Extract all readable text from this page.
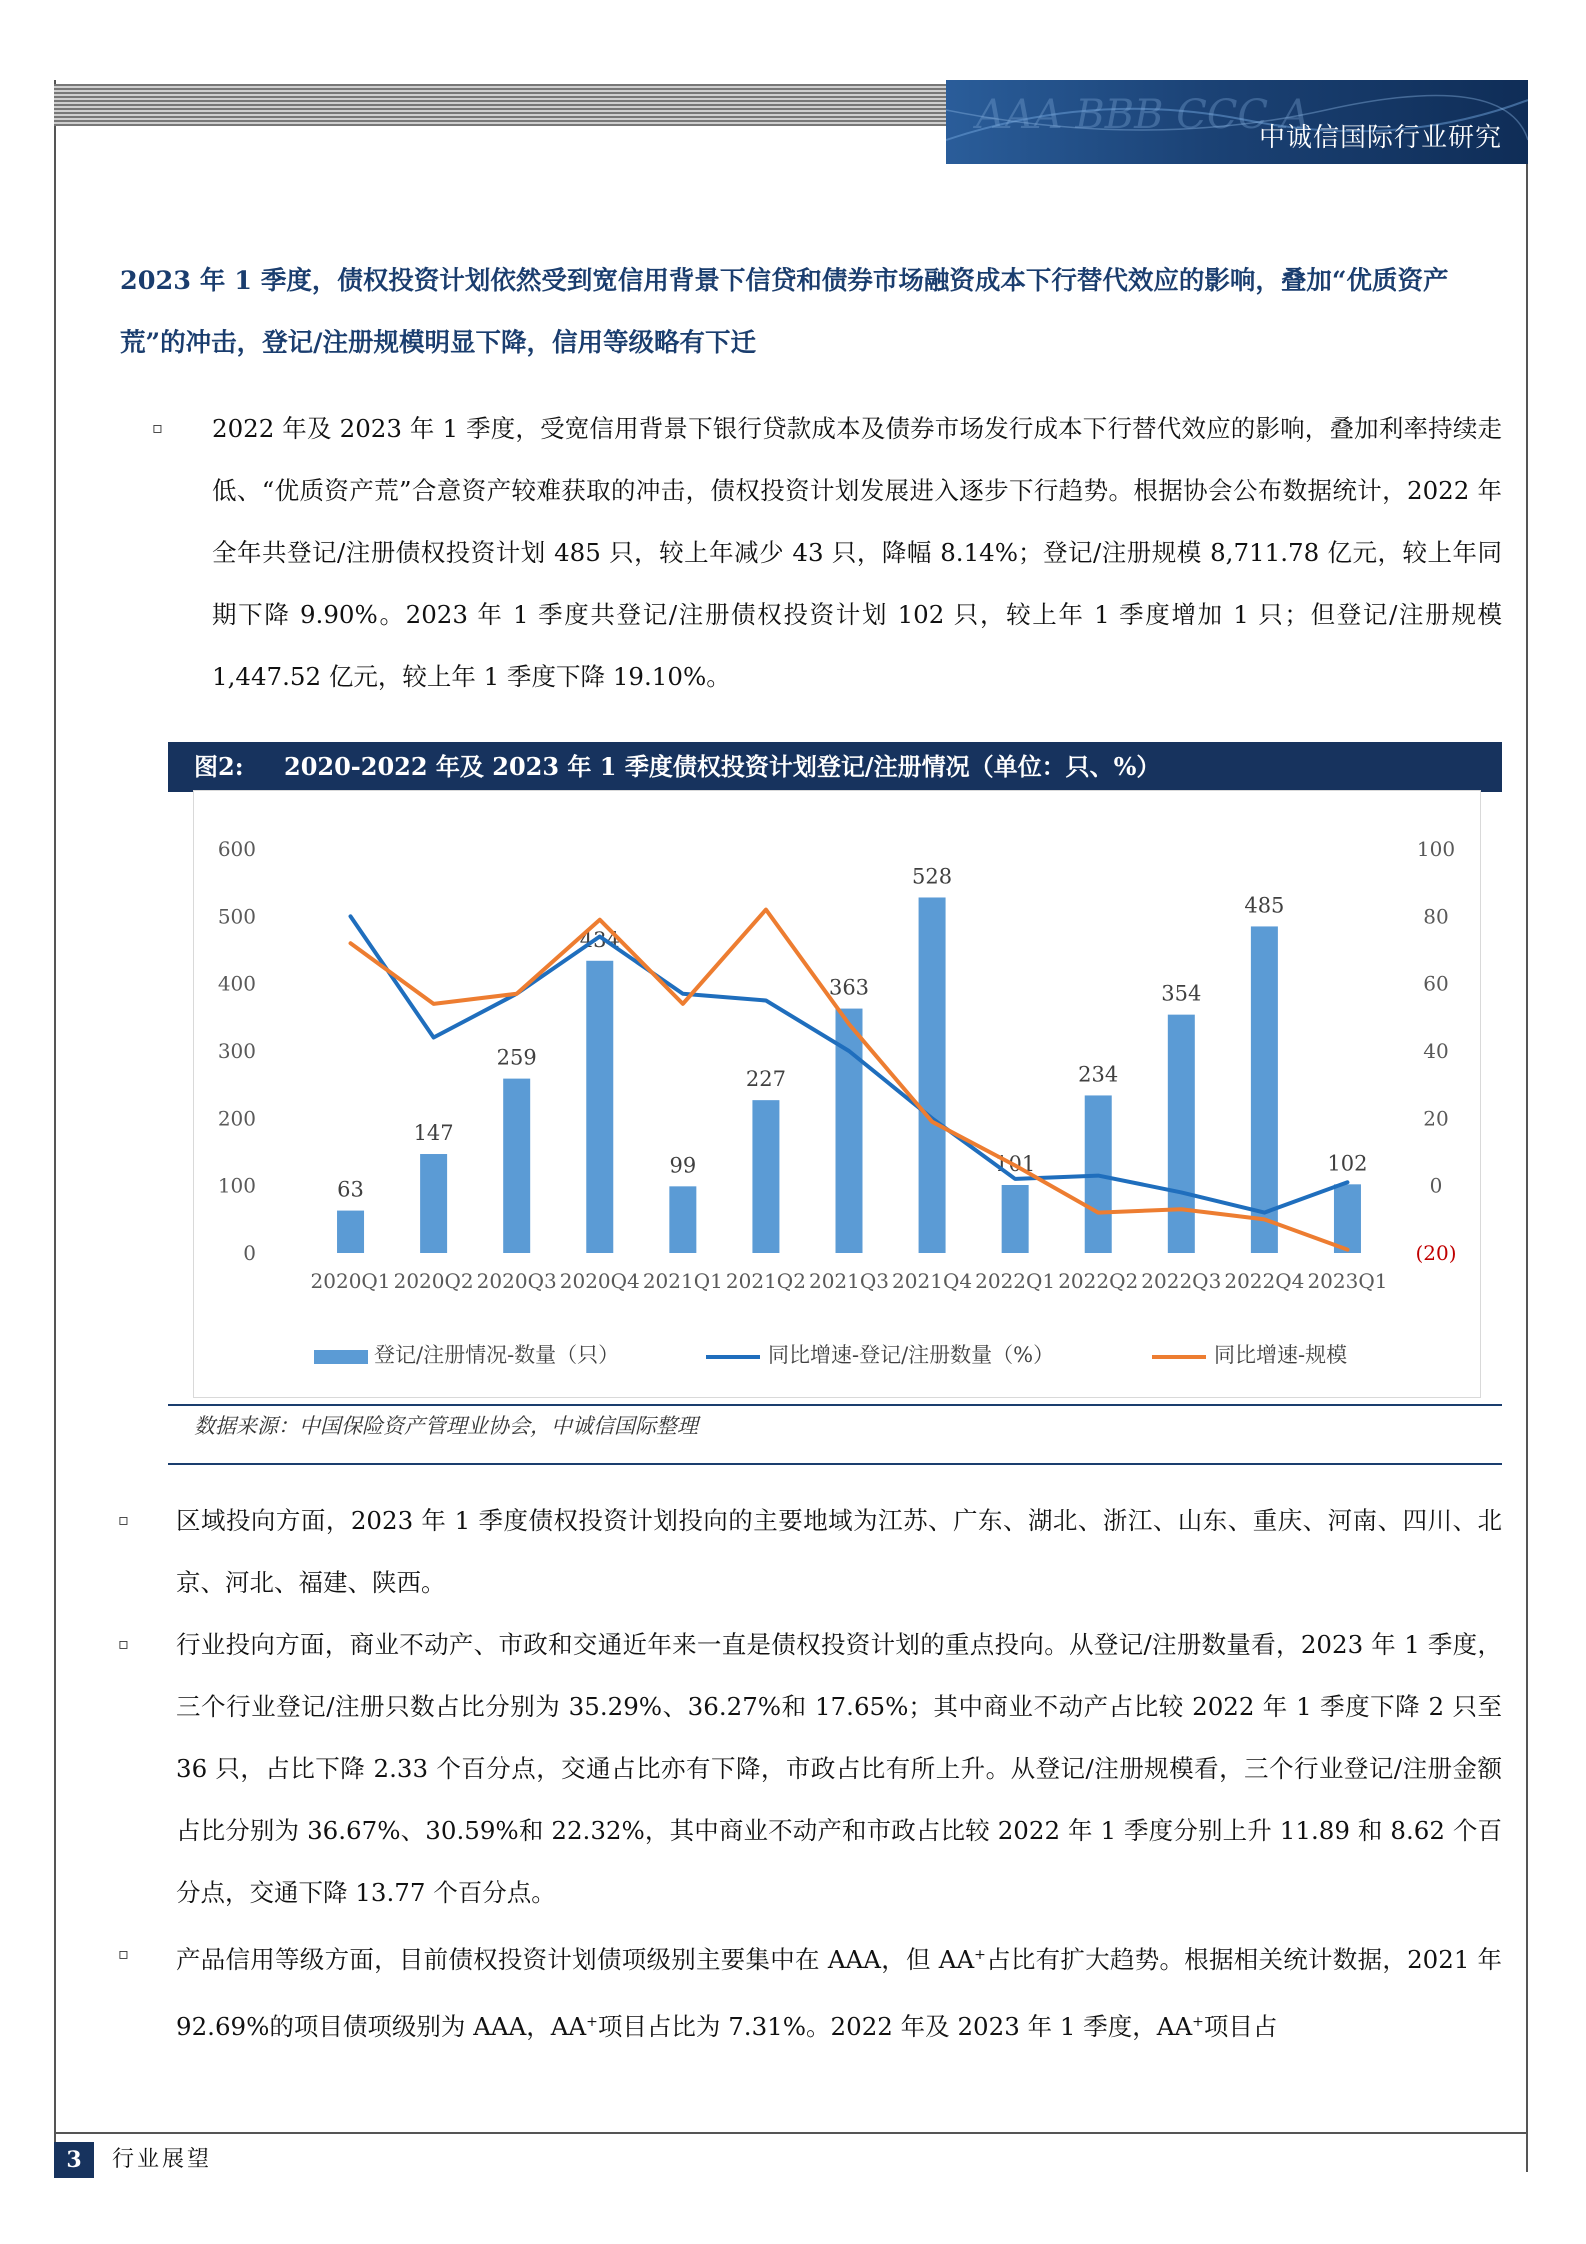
AAA BBB CCC A
中诚信国际行业研究
2023 年 1 季度，债权投资计划依然受到宽信用背景下信贷和债券市场融资成本下行替代效应的影响，叠加“优质资产荒”的冲击，登记/注册规模明显下降，信用等级略有下迁
▫ 2022 年及 2023 年 1 季度，受宽信用背景下银行贷款成本及债券市场发行成本下行替代效应的影响，叠加利率持续走低、“优质资产荒”合意资产较难获取的冲击，债权投资计划发展进入逐步下行趋势。根据协会公布数据统计，2022 年全年共登记/注册债权投资计划 485 只，较上年减少 43 只，降幅 8.14%；登记/注册规模 8,711.78 亿元，较上年同期下降 9.90%。2023 年 1 季度共登记/注册债权投资计划 102 只，较上年 1 季度增加 1 只；但登记/注册规模 1,447.52 亿元，较上年 1 季度下降 19.10%。
图2: 2020-2022 年及 2023 年 1 季度债权投资计划登记/注册情况（单位：只、%）
0
100
200
300
400
500
600
(20)
0
20
40
60
80
100
63
147
259
434
99
227
363
528
101
234
354
485
102
2020Q1 2020Q2 2020Q3 2020Q4 2021Q1 2021Q2 2021Q3 2021Q4 2022Q1 2022Q2 2022Q3 2022Q4 2023Q1
登记/注册情况-数量（只）	同比增速-登记/注册数量（%）	同比增速-规模
数据来源：中国保险资产管理业协会，中诚信国际整理
▫ 区域投向方面，2023 年 1 季度债权投资计划投向的主要地域为江苏、广东、湖北、浙江、山东、重庆、河南、四川、北京、河北、福建、陕西。
▫ 行业投向方面，商业不动产、市政和交通近年来一直是债权投资计划的重点投向。从登记/注册数量看，2023 年 1 季度，三个行业登记/注册只数占比分别为 35.29%、36.27%和 17.65%；其中商业不动产占比较 2022 年 1 季度下降 2 只至 36 只，占比下降 2.33 个百分点，交通占比亦有下降，市政占比有所上升。从登记/注册规模看，三个行业登记/注册金额占比分别为 36.67%、30.59%和 22.32%，其中商业不动产和市政占比较 2022 年 1 季度分别上升 11.89 和 8.62 个百分点，交通下降 13.77 个百分点。
▫ 产品信用等级方面，目前债权投资计划债项级别主要集中在 AAA，但 AA+占比有扩大趋势。根据相关统计数据，2021 年 92.69%的项目债项级别为 AAA，AA+项目占比为 7.31%。2022 年及 2023 年 1 季度，AA+项目占
3	行业展望
